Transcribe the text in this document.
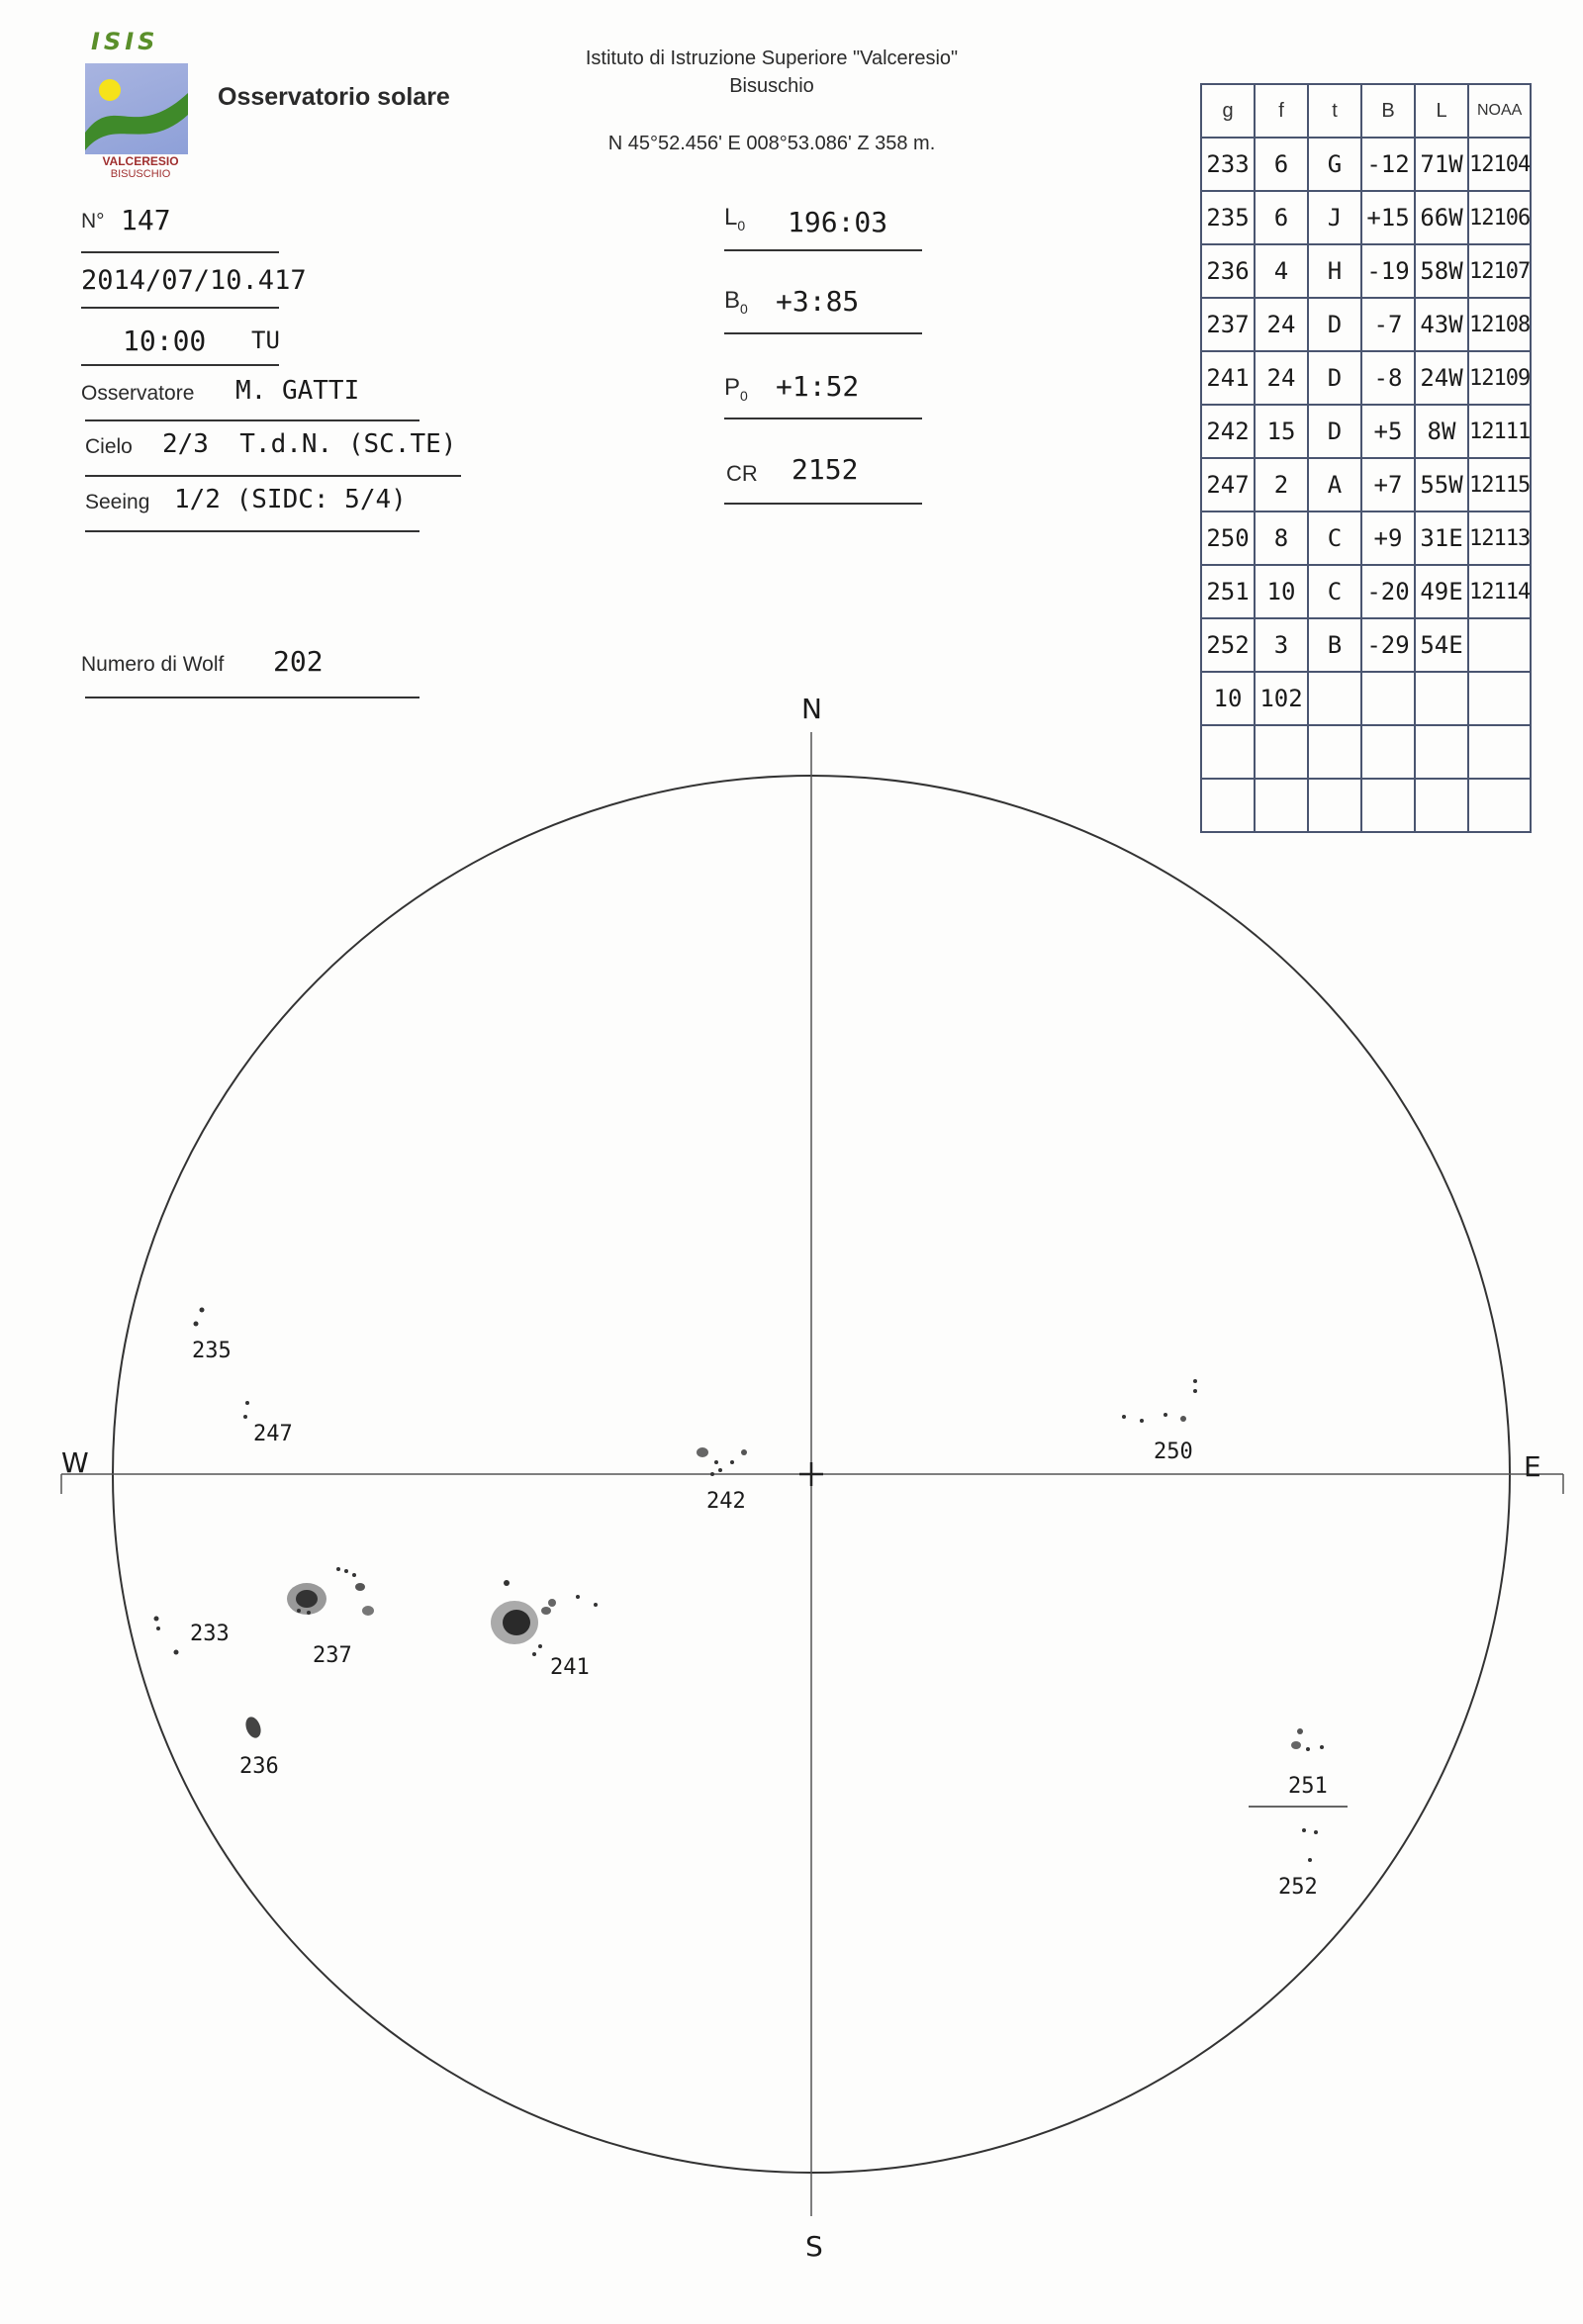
ISIS
VALCERESIO
BISUSCHIO
Osservatorio solare
Istituto di Istruzione Superiore "Valceresio"
Bisuschio
N 45°52.456' E 008°53.086' Z 358 m.
N° 147
2014/07/10.417
10:00 TU
Osservatore M. GATTI
Cielo 2/3  T.d.N. (SC.TE)
Seeing 1/2 (SIDC: 5/4)
Numero di Wolf 202
$L_0$ 196:03
$B_0$ +3:85
$P_0$ +1:52
CR 2152
g	f	t	B	L	NOAA
233	6	G	-12	71W	12104
235	6	J	+15	66W	12106
236	4	H	-19	58W	12107
237	24	D	-7	43W	12108
241	24	D	-8	24W	12109
242	15	D	+5	8W	12111
247	2	A	+7	55W	12115
250	8	C	+9	31E	12113
251	10	C	-20	49E	12114
252	3	B	-29	54E	
10	102				

N
S
W	E
235
247
233
237
236
241
242
250
251
252
